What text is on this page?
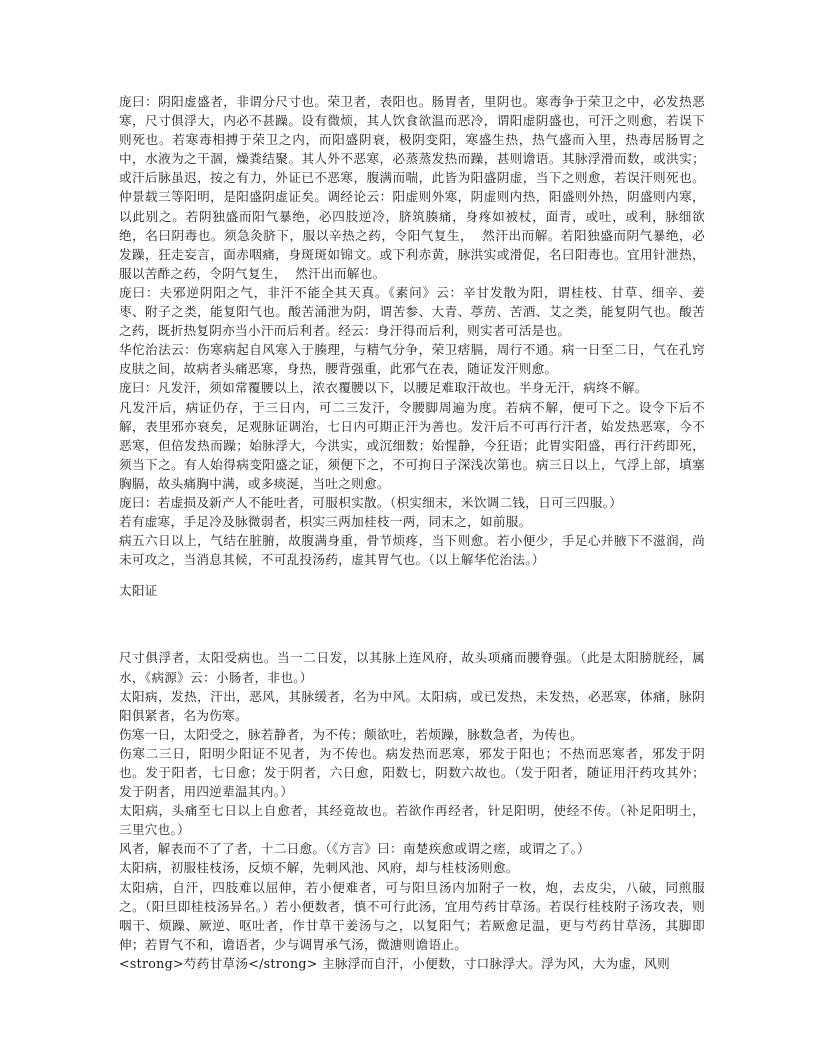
庞曰：阴阳虚盛者，非谓分尺寸也。荣卫者，表阳也。肠胃者，里阴也。寒毒争于荣卫之中，必发热恶寒，尺寸俱浮大，内必不甚躁。设有微烦，其人饮食欲温而恶冷，谓阳虚阴盛也，可汗之则愈，若误下则死也。若寒毒相搏于荣卫之内，而阳盛阴衰，极阴变阳，寒盛生热，热气盛而入里，热毒居肠胃之中，水液为之干涸，燥粪结聚。其人外不恶寒，必蒸蒸发热而躁，甚则谵语。其脉浮滑而数，或洪实；或汗后脉虽迟，按之有力，外证已不恶寒，腹满而喘，此皆为阳盛阴虚，当下之则愈，若误汗则死也。仲景载三等阳明，是阳盛阴虚证矣。调经论云：阳虚则外寒，阴虚则内热，阳盛则外热，阴盛则内寒，以此别之。若阴独盛而阳气暴绝，必四肢逆冷，脐筑腠痛，身疼如被杖，面青，或吐，或利，脉细欲绝，名曰阴毒也。须急灸脐下，服以辛热之药，令阳气复生，  然汗出而解。若阳独盛而阴气暴绝，必发躁，狂走妄言，面赤咽痛，身斑斑如锦文。或下利赤黄，脉洪实或滑促，名曰阳毒也。宜用针泄热，服以苦酢之药，令阴气复生，  然汗出而解也。

庞曰：夫邪逆阴阳之气，非汗不能全其天真。《素问》云：辛甘发散为阳，谓桂枝、甘草、细辛、姜枣、附子之类，能复阳气也。酸苦涌泄为阴，谓苦参、大青、葶苈、苦酒、艾之类，能复阴气也。酸苦之药，既折热复阴亦当小汗而后利者。经云：身汗得而后利，则实者可活是也。

华佗治法云：伤寒病起自风寒入于腠理，与精气分争，荣卫痞膈，周行不通。病一日至二日，气在孔窍皮肤之间，故病者头痛恶寒，身热，腰背强重，此邪气在表，随证发汗则愈。

庞曰：凡发汗，须如常覆腰以上，浓衣覆腰以下，以腰足难取汗故也。半身无汗，病终不解。

凡发汗后，病证仍存，于三日内，可二三发汗，令腰脚周遍为度。若病不解，便可下之。设令下后不解，表里邪亦衰矣，足观脉证调治，七日内可期正汗为善也。发汗后不可再行汗者，始发热恶寒，今不恶寒，但倍发热而躁；始脉浮大，今洪实，或沉细数；始惺静，今狂语；此胃实阳盛，再行汗药即死，须当下之。有人始得病变阳盛之证，须便下之，不可拘日子深浅次第也。病三日以上，气浮上部，填塞胸膈，故头痛胸中满，或多痰涎，当吐之则愈。

庞曰：若虚损及新产人不能吐者，可服枳实散。（枳实细末，米饮调二钱，日可三四服。）

若有虚寒，手足冷及脉微弱者，枳实三两加桂枝一两，同末之，如前服。

病五六日以上，气结在脏腑，故腹满身重，骨节烦疼，当下则愈。若小便少，手足心并腋下不滋润，尚未可攻之，当消息其候，不可乱投汤药，虚其胃气也。（以上解华佗治法。）

太阳证

尺寸俱浮者，太阳受病也。当一二日发，以其脉上连风府，故头项痛而腰脊强。（此是太阳膀胱经，属水，《病源》云：小肠者，非也。）

太阳病，发热，汗出，恶风，其脉缓者，名为中风。太阳病，或已发热，未发热，必恶寒，体痛，脉阴阳俱紧者，名为伤寒。

伤寒一日，太阳受之，脉若静者，为不传；颇欲吐，若烦躁，脉数急者，为传也。

伤寒二三日，阳明少阳证不见者，为不传也。病发热而恶寒，邪发于阳也；不热而恶寒者，邪发于阴也。发于阳者，七日愈；发于阴者，六日愈，阳数七，阴数六故也。（发于阳者，随证用汗药攻其外；发于阴者，用四逆辈温其内。）

太阳病，头痛至七日以上自愈者，其经竟故也。若欲作再经者，针足阳明，使经不传。（补足阳明土，三里穴也。）

风者，解表而不了了者，十二日愈。（《方言》曰：南楚疾愈或谓之瘥，或谓之了。）

太阳病，初服桂枝汤，反烦不解，先刺风池、风府，却与桂枝汤则愈。

太阳病，自汗，四肢难以屈伸，若小便难者，可与阳旦汤内加附子一枚，炮，去皮尖，八破，同煎服之。（阳旦即桂枝汤异名。）若小便数者，慎不可行此汤，宜用芍药甘草汤。若误行桂枝附子汤攻表，则咽干、烦躁、厥逆、呕吐者，作甘草干姜汤与之，以复阳气；若厥愈足温，更与芍药甘草汤，其脚即伸；若胃气不和，谵语者，少与调胃承气汤，微溏则谵语止。

<strong>芍药甘草汤</strong> 主脉浮而自汗，小便数，寸口脉浮大。浮为风，大为虚，风则
